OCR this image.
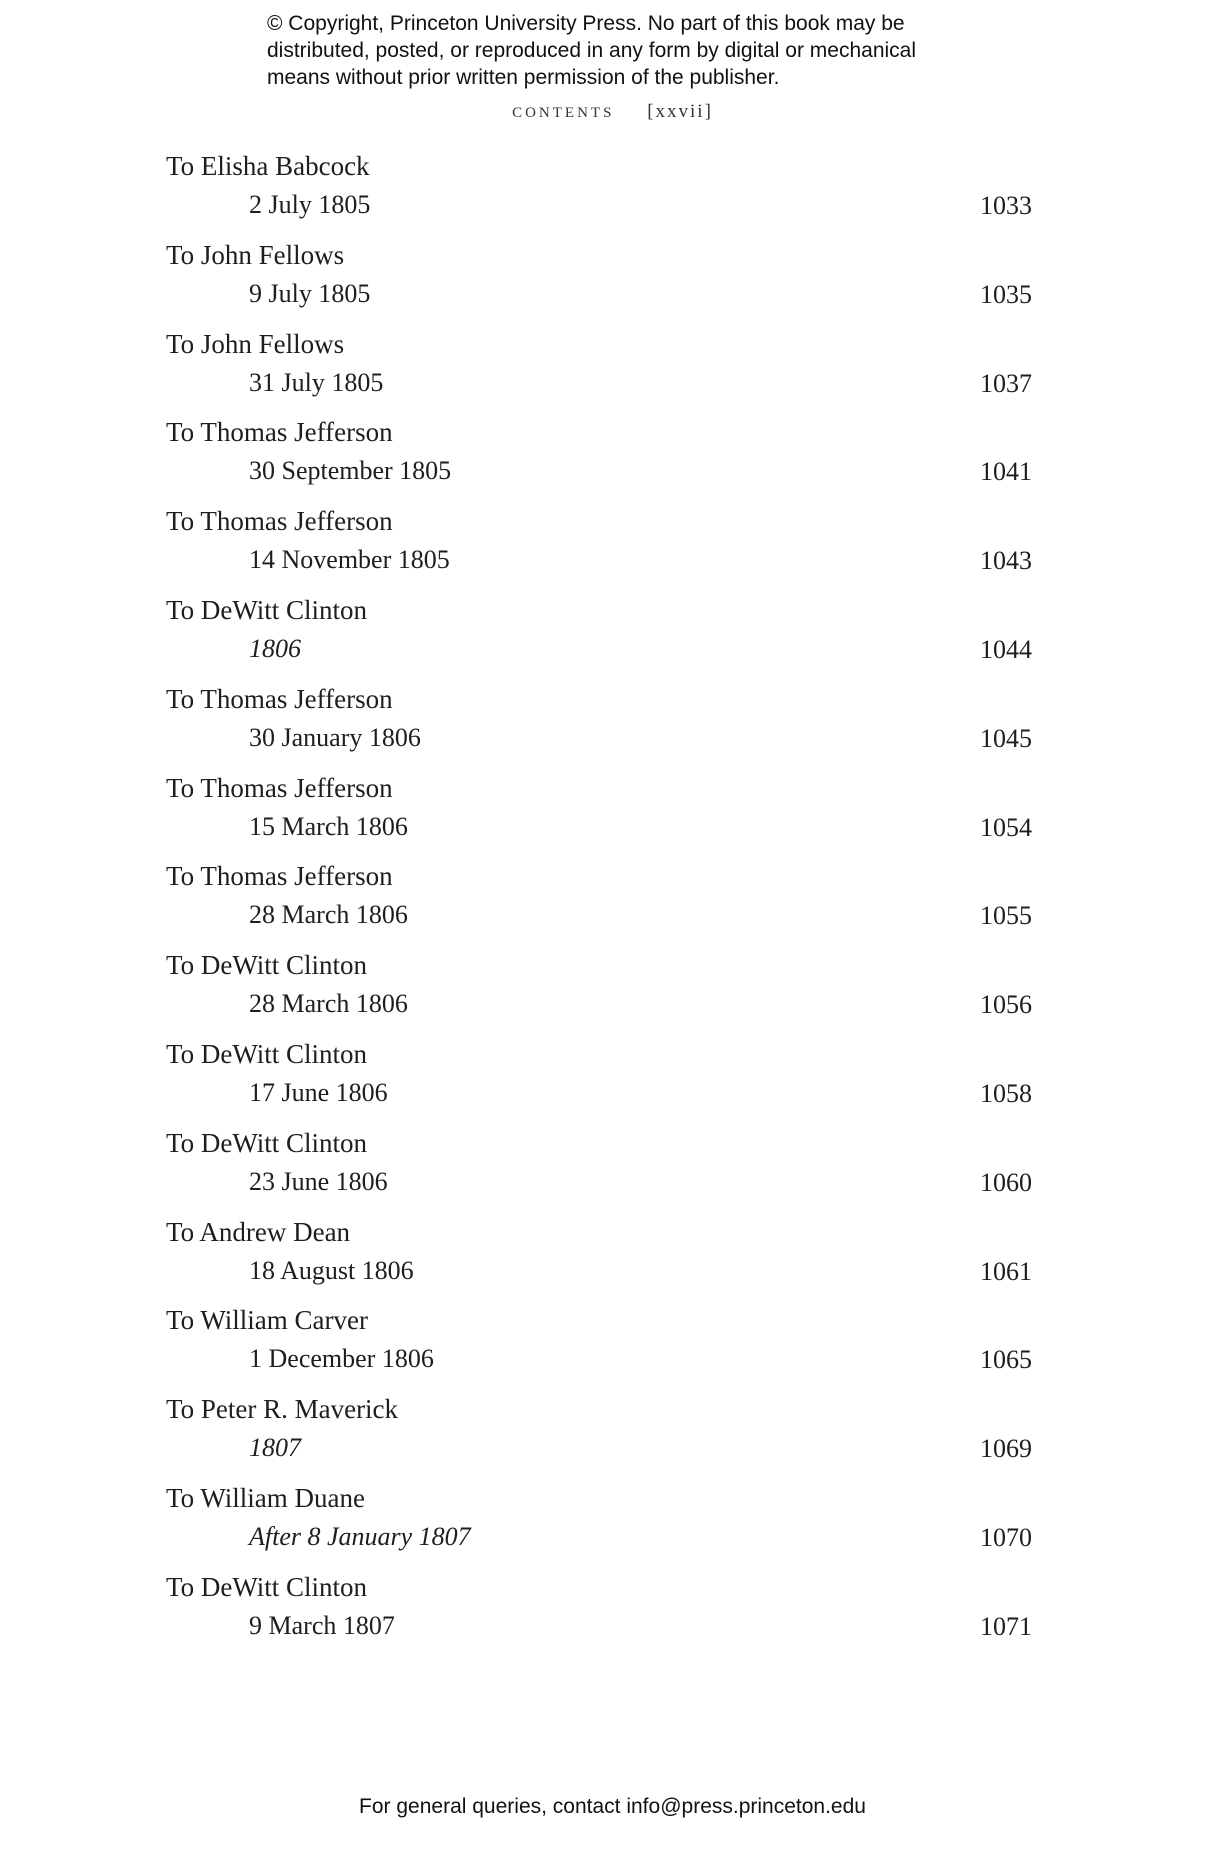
© Copyright, Princeton University Press. No part of this book may be
distributed, posted, or reproduced in any form by digital or mechanical
means without prior written permission of the publisher.
contents [xxvii]
To Elisha Babcock
2 July 1805	1033
To John Fellows
9 July 1805	1035
To John Fellows
31 July 1805	1037
To Thomas Jefferson
30 September 1805	1041
To Thomas Jefferson
14 November 1805	1043
To DeWitt Clinton
1806	1044
To Thomas Jefferson
30 January 1806	1045
To Thomas Jefferson
15 March 1806	1054
To Thomas Jefferson
28 March 1806	1055
To DeWitt Clinton
28 March 1806	1056
To DeWitt Clinton
17 June 1806	1058
To DeWitt Clinton
23 June 1806	1060
To Andrew Dean
18 August 1806	1061
To William Carver
1 December 1806	1065
To Peter R. Maverick
1807	1069
To William Duane
After 8 January 1807	1070
To DeWitt Clinton
9 March 1807	1071
For general queries, contact info@press.princeton.edu
